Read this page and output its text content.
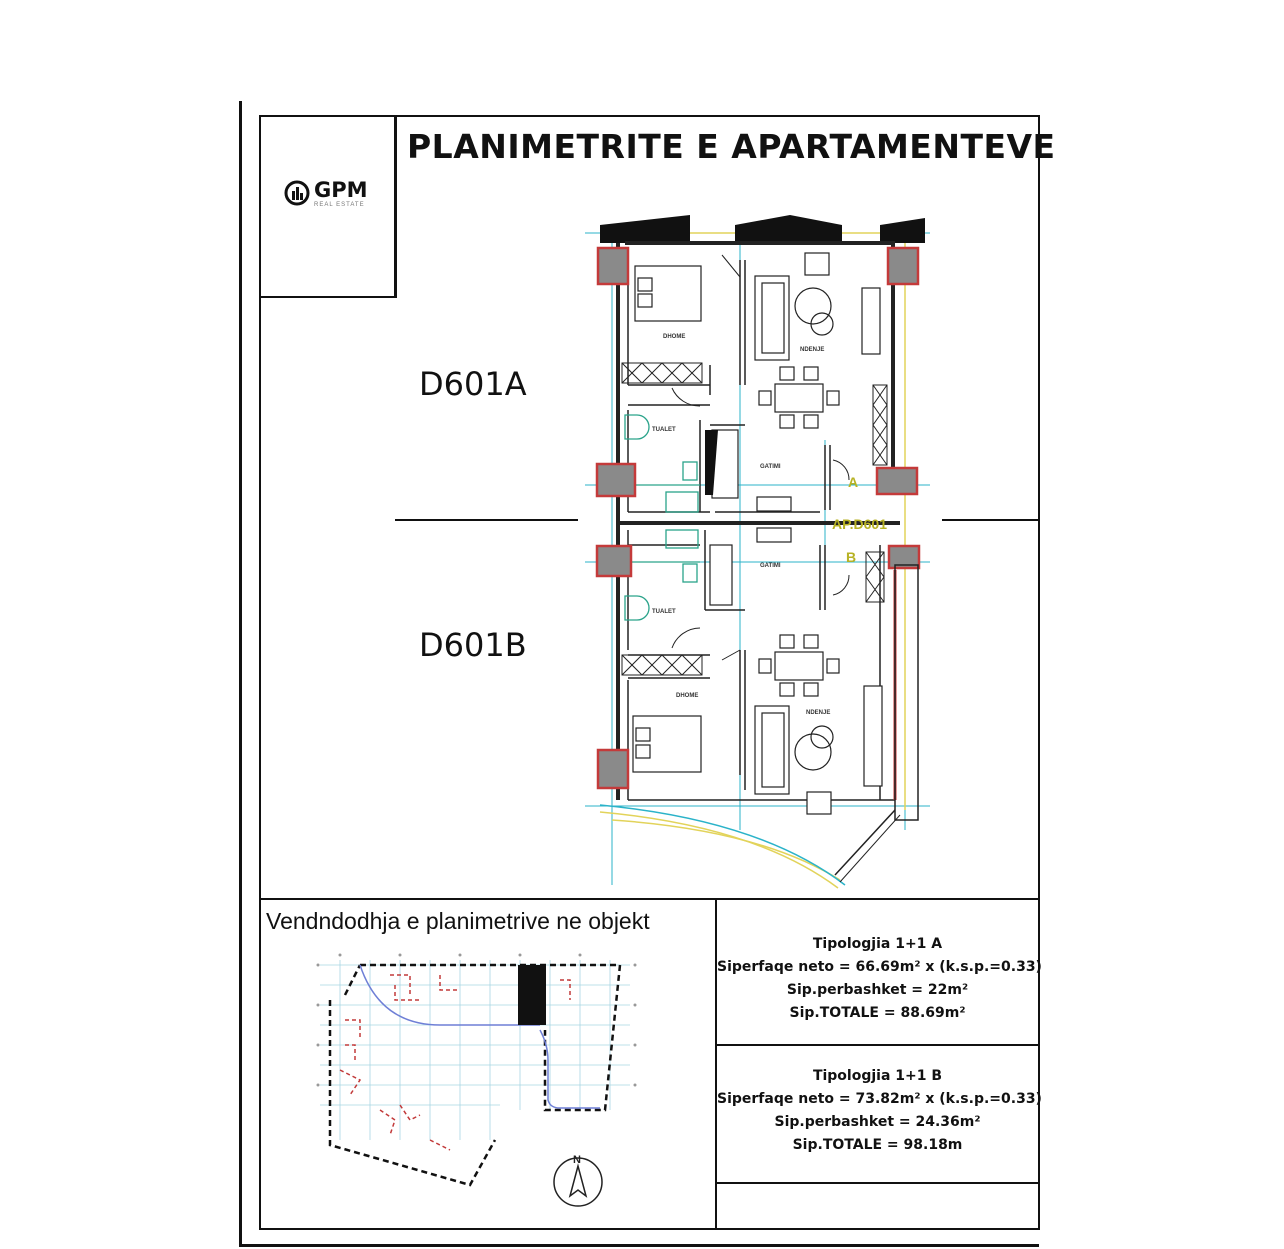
PLANIMETRITE E APARTAMENTEVE
GPM
REAL ESTATE
D601A
D601B
DHOME
NDENJE
TUALET
GATIMI
GATIMI
TUALET
DHOME
NDENJE
A
B
AP.D601
Vendndodhja e planimetrive ne objekt
N
Tipologjia 1+1 A
Siperfaqe neto = 66.69m² x (k.s.p.=0.33)
Sip.perbashket = 22m²
Sip.TOTALE = 88.69m²
Tipologjia 1+1 B
Siperfaqe neto = 73.82m² x (k.s.p.=0.33)
Sip.perbashket = 24.36m²
Sip.TOTALE = 98.18m
